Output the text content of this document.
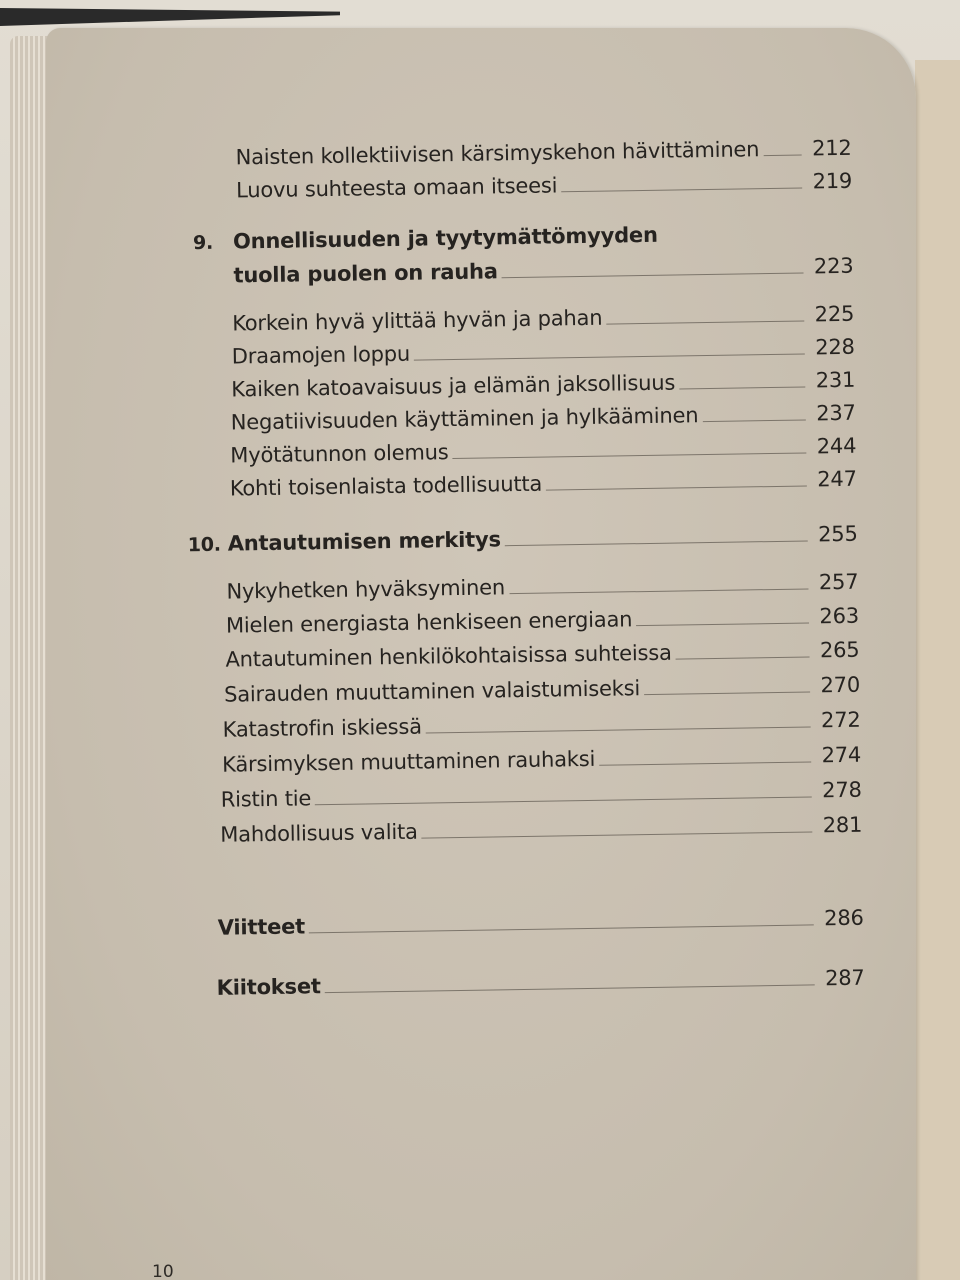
Naisten kollektiivisen kärsimyskehon hävittäminen 212
Luovu suhteesta omaan itseesi	219
9. Onnellisuuden ja tyytymättömyyden
tuolla puolen on rauha	223
Korkein hyvä ylittää hyvän ja pahan	225
Draamojen loppu	228
Kaiken katoavaisuus ja elämän jaksollisuus	231
Negatiivisuuden käyttäminen ja hylkääminen	237
Myötätunnon olemus	244
Kohti toisenlaista todellisuutta	247
10. Antautumisen merkitys	255
Nykyhetken hyväksyminen	257
Mielen energiasta henkiseen energiaan	263
Antautuminen henkilökohtaisissa suhteissa	265
Sairauden muuttaminen valaistumiseksi	270
Katastrofin iskiessä	272
Kärsimyksen muuttaminen rauhaksi	274
Ristin tie	278
Mahdollisuus valita	281
Viitteet	286
Kiitokset	287
10
